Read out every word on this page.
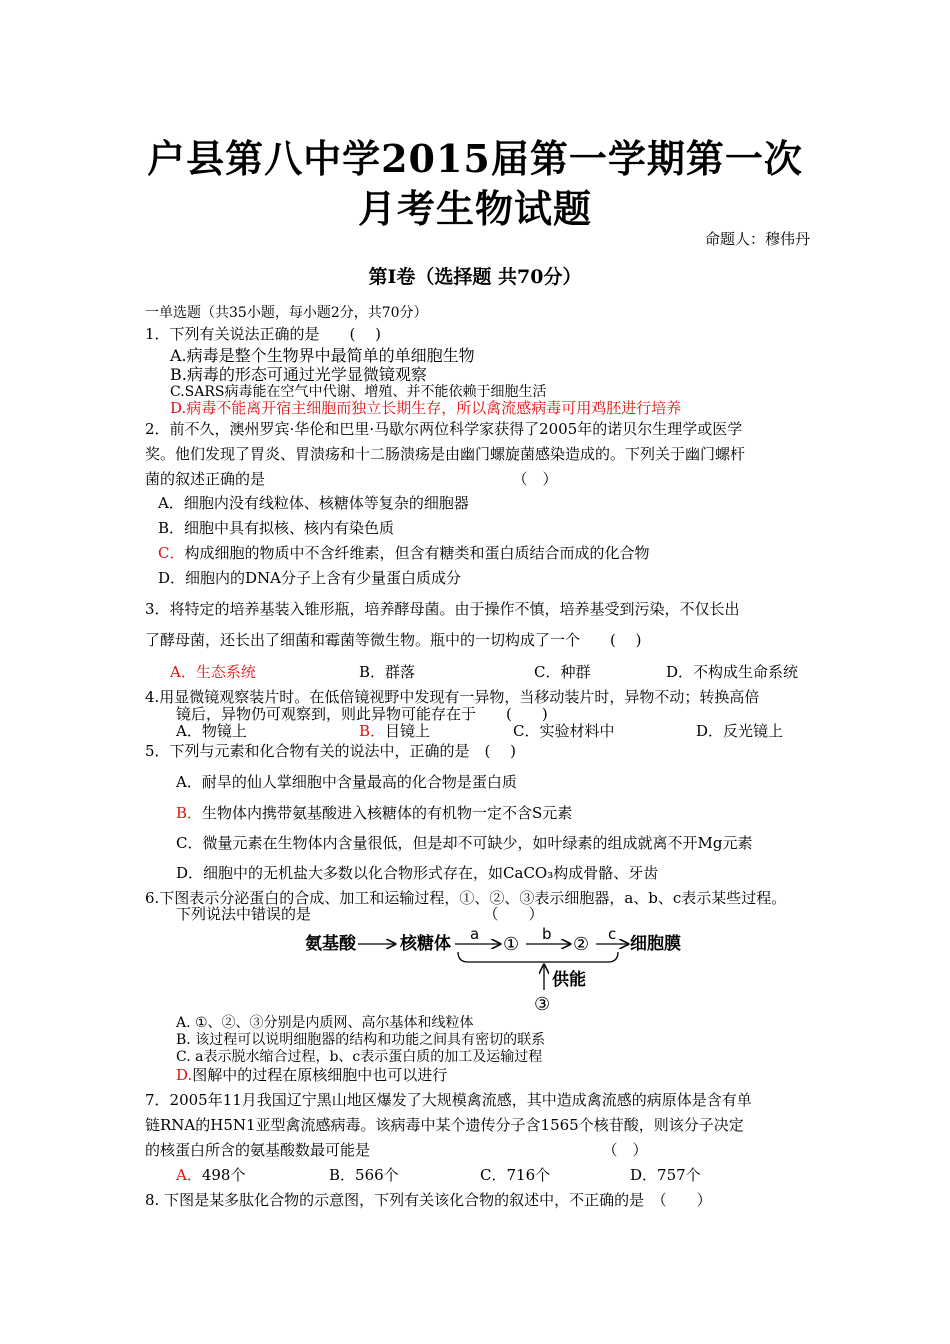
户县第八中学2015届第一学期第一次
月考生物试题
命题人：穆伟丹
第Ⅰ卷（选择题 共70分）
一单选题（共35小题，每小题2分，共70分）
1．下列有关说法正确的是　　(　 )
A.病毒是整个生物界中最简单的单细胞生物
B.病毒的形态可通过光学显微镜观察
C.SARS病毒能在空气中代谢、增殖、并不能依赖于细胞生活
D.病毒不能离开宿主细胞而独立长期生存，所以禽流感病毒可用鸡胚进行培养
2．前不久，澳州罗宾·华伦和巴里·马歇尔两位科学家获得了2005年的诺贝尔生理学或医学
奖。他们发现了胃炎、胃溃疡和十二肠溃疡是由幽门螺旋菌感染造成的。下列关于幽门螺杆
菌的叙述正确的是　　　　　　　　　　　　　　　　　（　）
A．细胞内没有线粒体、核糖体等复杂的细胞器
B．细胞中具有拟核、核内有染色质
C．构成细胞的物质中不含纤维素，但含有糖类和蛋白质结合而成的化合物
D．细胞内的DNA分子上含有少量蛋白质成分
3．将特定的培养基装入锥形瓶，培养酵母菌。由于操作不慎，培养基受到污染，不仅长出
了酵母菌，还长出了细菌和霉菌等微生物。瓶中的一切构成了一个　　(　 )
A．生态系统	B．群落	C．种群	D．不构成生命系统
4.用显微镜观察装片时。在低倍镜视野中发现有一异物，当移动装片时，异物不动；转换高倍
镜后，异物仍可观察到，则此异物可能存在于　　(　　)
A．物镜上	B．目镜上	C．实验材料中	D．反光镜上
5．下列与元素和化合物有关的说法中，正确的是　(　 )
A．耐旱的仙人掌细胞中含量最高的化合物是蛋白质
B．生物体内携带氨基酸进入核糖体的有机物一定不含S元素
C．微量元素在生物体内含量很低，但是却不可缺少，如叶绿素的组成就离不开Mg元素
D．细胞中的无机盐大多数以化合物形式存在，如CaCO₃构成骨骼、牙齿
6.下图表示分泌蛋白的合成、加工和运输过程，①、②、③表示细胞器，a、b、c表示某些过程。
下列说法中错误的是　　　　　　　　　　　　（　　）
氨基酸	核糖体 a ① b ② c 细胞膜
供能
③
A. ①、②、③分别是内质网、高尔基体和线粒体
B. 该过程可以说明细胞器的结构和功能之间具有密切的联系
C. a表示脱水缩合过程，b、c表示蛋白质的加工及运输过程
D.图解中的过程在原核细胞中也可以进行
7．2005年11月我国辽宁黑山地区爆发了大规模禽流感，其中造成禽流感的病原体是含有单
链RNA的H5N1亚型禽流感病毒。该病毒中某个遗传分子含1565个核苷酸，则该分子决定
的核蛋白所含的氨基酸数最可能是　　　　　　　　　　　　　　　　（　）
A．498个	B．566个	C．716个	D．757个
8. 下图是某多肽化合物的示意图，下列有关该化合物的叙述中，不正确的是　（　　）
